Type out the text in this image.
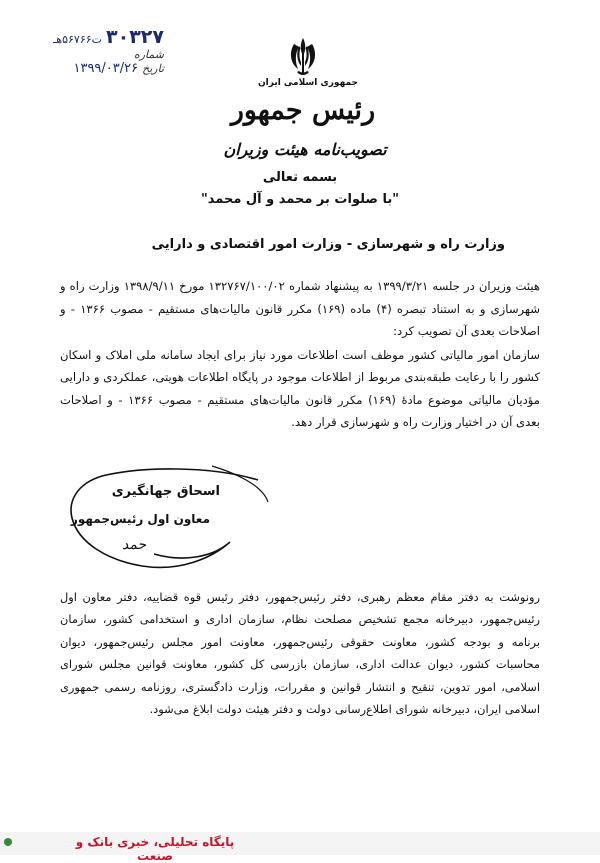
۳۰۳۲۷
ت۵۶۷۶۶هـ
شماره
تاریخ
۱۳۹۹/۰۳/۲۶
جمهوری اسلامی ایران
رئیس جمهور
تصویب‌نامه هیئت وزیران
بسمه تعالی
"با صلوات بر محمد و آل محمد"
وزارت راه و شهرسازی - وزارت امور اقتصادی و دارایی

هیئت وزیران در جلسه ۱۳۹۹/۳/۲۱ به پیشنهاد شماره ۱۳۲۷۶۷/۱۰۰/۰۲ مورخ ۱۳۹۸/۹/۱۱ وزارت راه و شهرسازی و به استناد تبصره (۴) ماده (۱۶۹) مکرر قانون مالیات‌های مستقیم - مصوب ۱۳۶۶ - و اصلاحات بعدی آن تصویب کرد:

سازمان امور مالیاتی کشور موظف است اطلاعات مورد نیاز برای ایجاد سامانه ملی املاک و اسکان کشور را با رعایت طبقه‌بندی مربوط از اطلاعات موجود در پایگاه اطلاعات هویتی، عملکردی و دارایی مؤدیان مالیاتی موضوع مادۀ (۱۶۹) مکرر قانون مالیات‌های مستقیم - مصوب ۱۳۶۶ - و اصلاحات بعدی آن در اختیار وزارت راه و شهرسازی قرار دهد.

اسحاق جهانگیری
معاون اول رئیس‌جمهور
حمد

رونوشت به دفتر مقام معظم رهبری، دفتر رئیس‌جمهور، دفتر رئیس قوه قضاییه، دفتر معاون اول رئیس‌جمهور، دبیرخانه مجمع تشخیص مصلحت نظام، سازمان اداری و استخدامی کشور، سازمان برنامه و بودجه کشور، معاونت حقوقی رئیس‌جمهور، معاونت امور مجلس رئیس‌جمهور، دیوان محاسبات کشور، دیوان عدالت اداری، سازمان بازرسی کل کشور، معاونت قوانین مجلس شورای اسلامی، امور تدوین، تنقیح و انتشار قوانین و مقررات، وزارت دادگستری، روزنامه رسمی جمهوری اسلامی ایران، دبیرخانه شورای اطلاع‌رسانی دولت و دفتر هیئت دولت ابلاغ می‌شود.

پایگاه تحلیلی، خبری بانک و صنعت
